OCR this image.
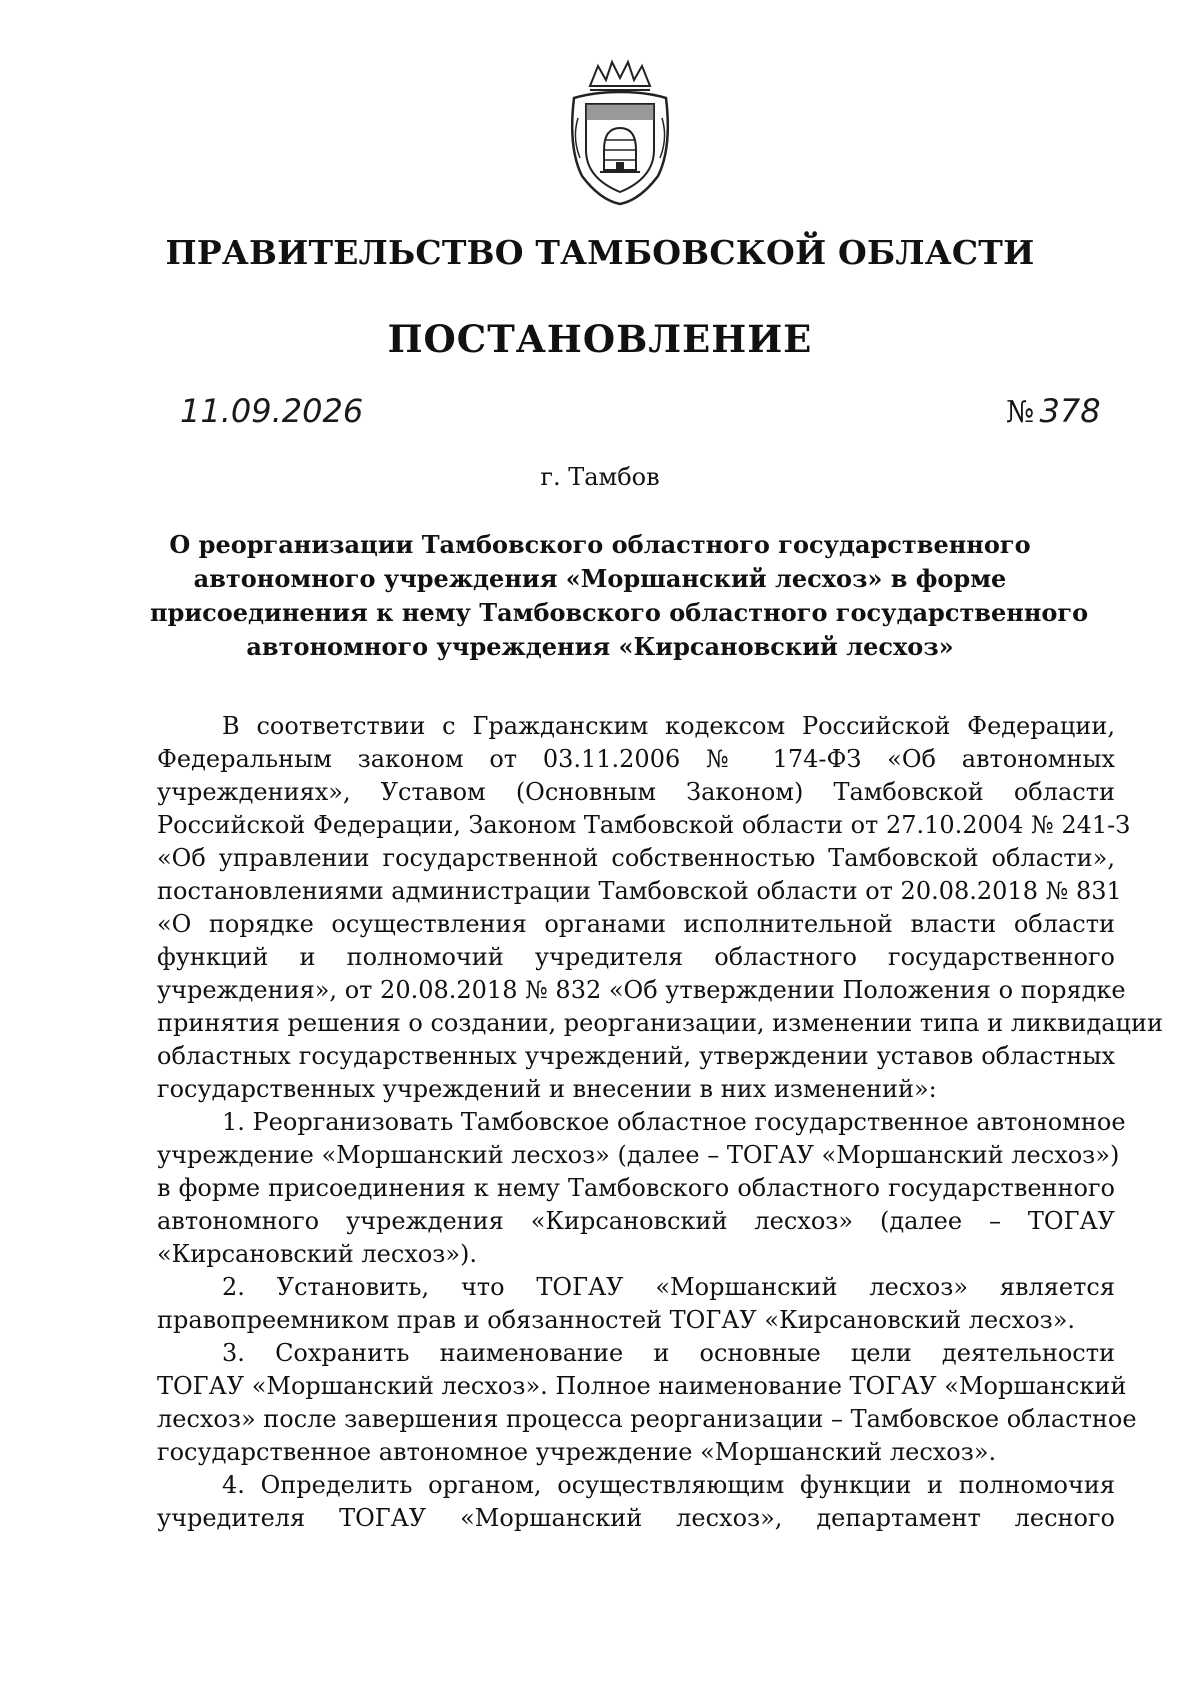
ПРАВИТЕЛЬСТВО ТАМБОВСКОЙ ОБЛАСТИ
ПОСТАНОВЛЕНИЕ
11.09.2026	№ 378
г. Тамбов
О реорганизации Тамбовского областного государственного
автономного учреждения «Моршанский лесхоз» в форме
присоединения к нему Тамбовского областного государственного
автономного учреждения «Кирсановский лесхоз»
В соответствии с Гражданским кодексом Российской Федерации,
Федеральным законом от 03.11.2006 № 174-ФЗ «Об автономных
учреждениях», Уставом (Основным Законом) Тамбовской области
Российской Федерации, Законом Тамбовской области от 27.10.2004 № 241-З
«Об управлении государственной собственностью Тамбовской области»,
постановлениями администрации Тамбовской области от 20.08.2018 № 831
«О порядке осуществления органами исполнительной власти области
функций и полномочий учредителя областного государственного
учреждения», от 20.08.2018 № 832 «Об утверждении Положения о порядке
принятия решения о создании, реорганизации, изменении типа и ликвидации
областных государственных учреждений, утверждении уставов областных
государственных учреждений и внесении в них изменений»:
1. Реорганизовать Тамбовское областное государственное автономное
учреждение «Моршанский лесхоз» (далее – ТОГАУ «Моршанский лесхоз»)
в форме присоединения к нему Тамбовского областного государственного
автономного учреждения «Кирсановский лесхоз» (далее – ТОГАУ
«Кирсановский лесхоз»).
2. Установить, что ТОГАУ «Моршанский лесхоз» является
правопреемником прав и обязанностей ТОГАУ «Кирсановский лесхоз».
3. Сохранить наименование и основные цели деятельности
ТОГАУ «Моршанский лесхоз». Полное наименование ТОГАУ «Моршанский
лесхоз» после завершения процесса реорганизации – Тамбовское областное
государственное автономное учреждение «Моршанский лесхоз».
4. Определить органом, осуществляющим функции и полномочия
учредителя ТОГАУ «Моршанский лесхоз», департамент лесного
